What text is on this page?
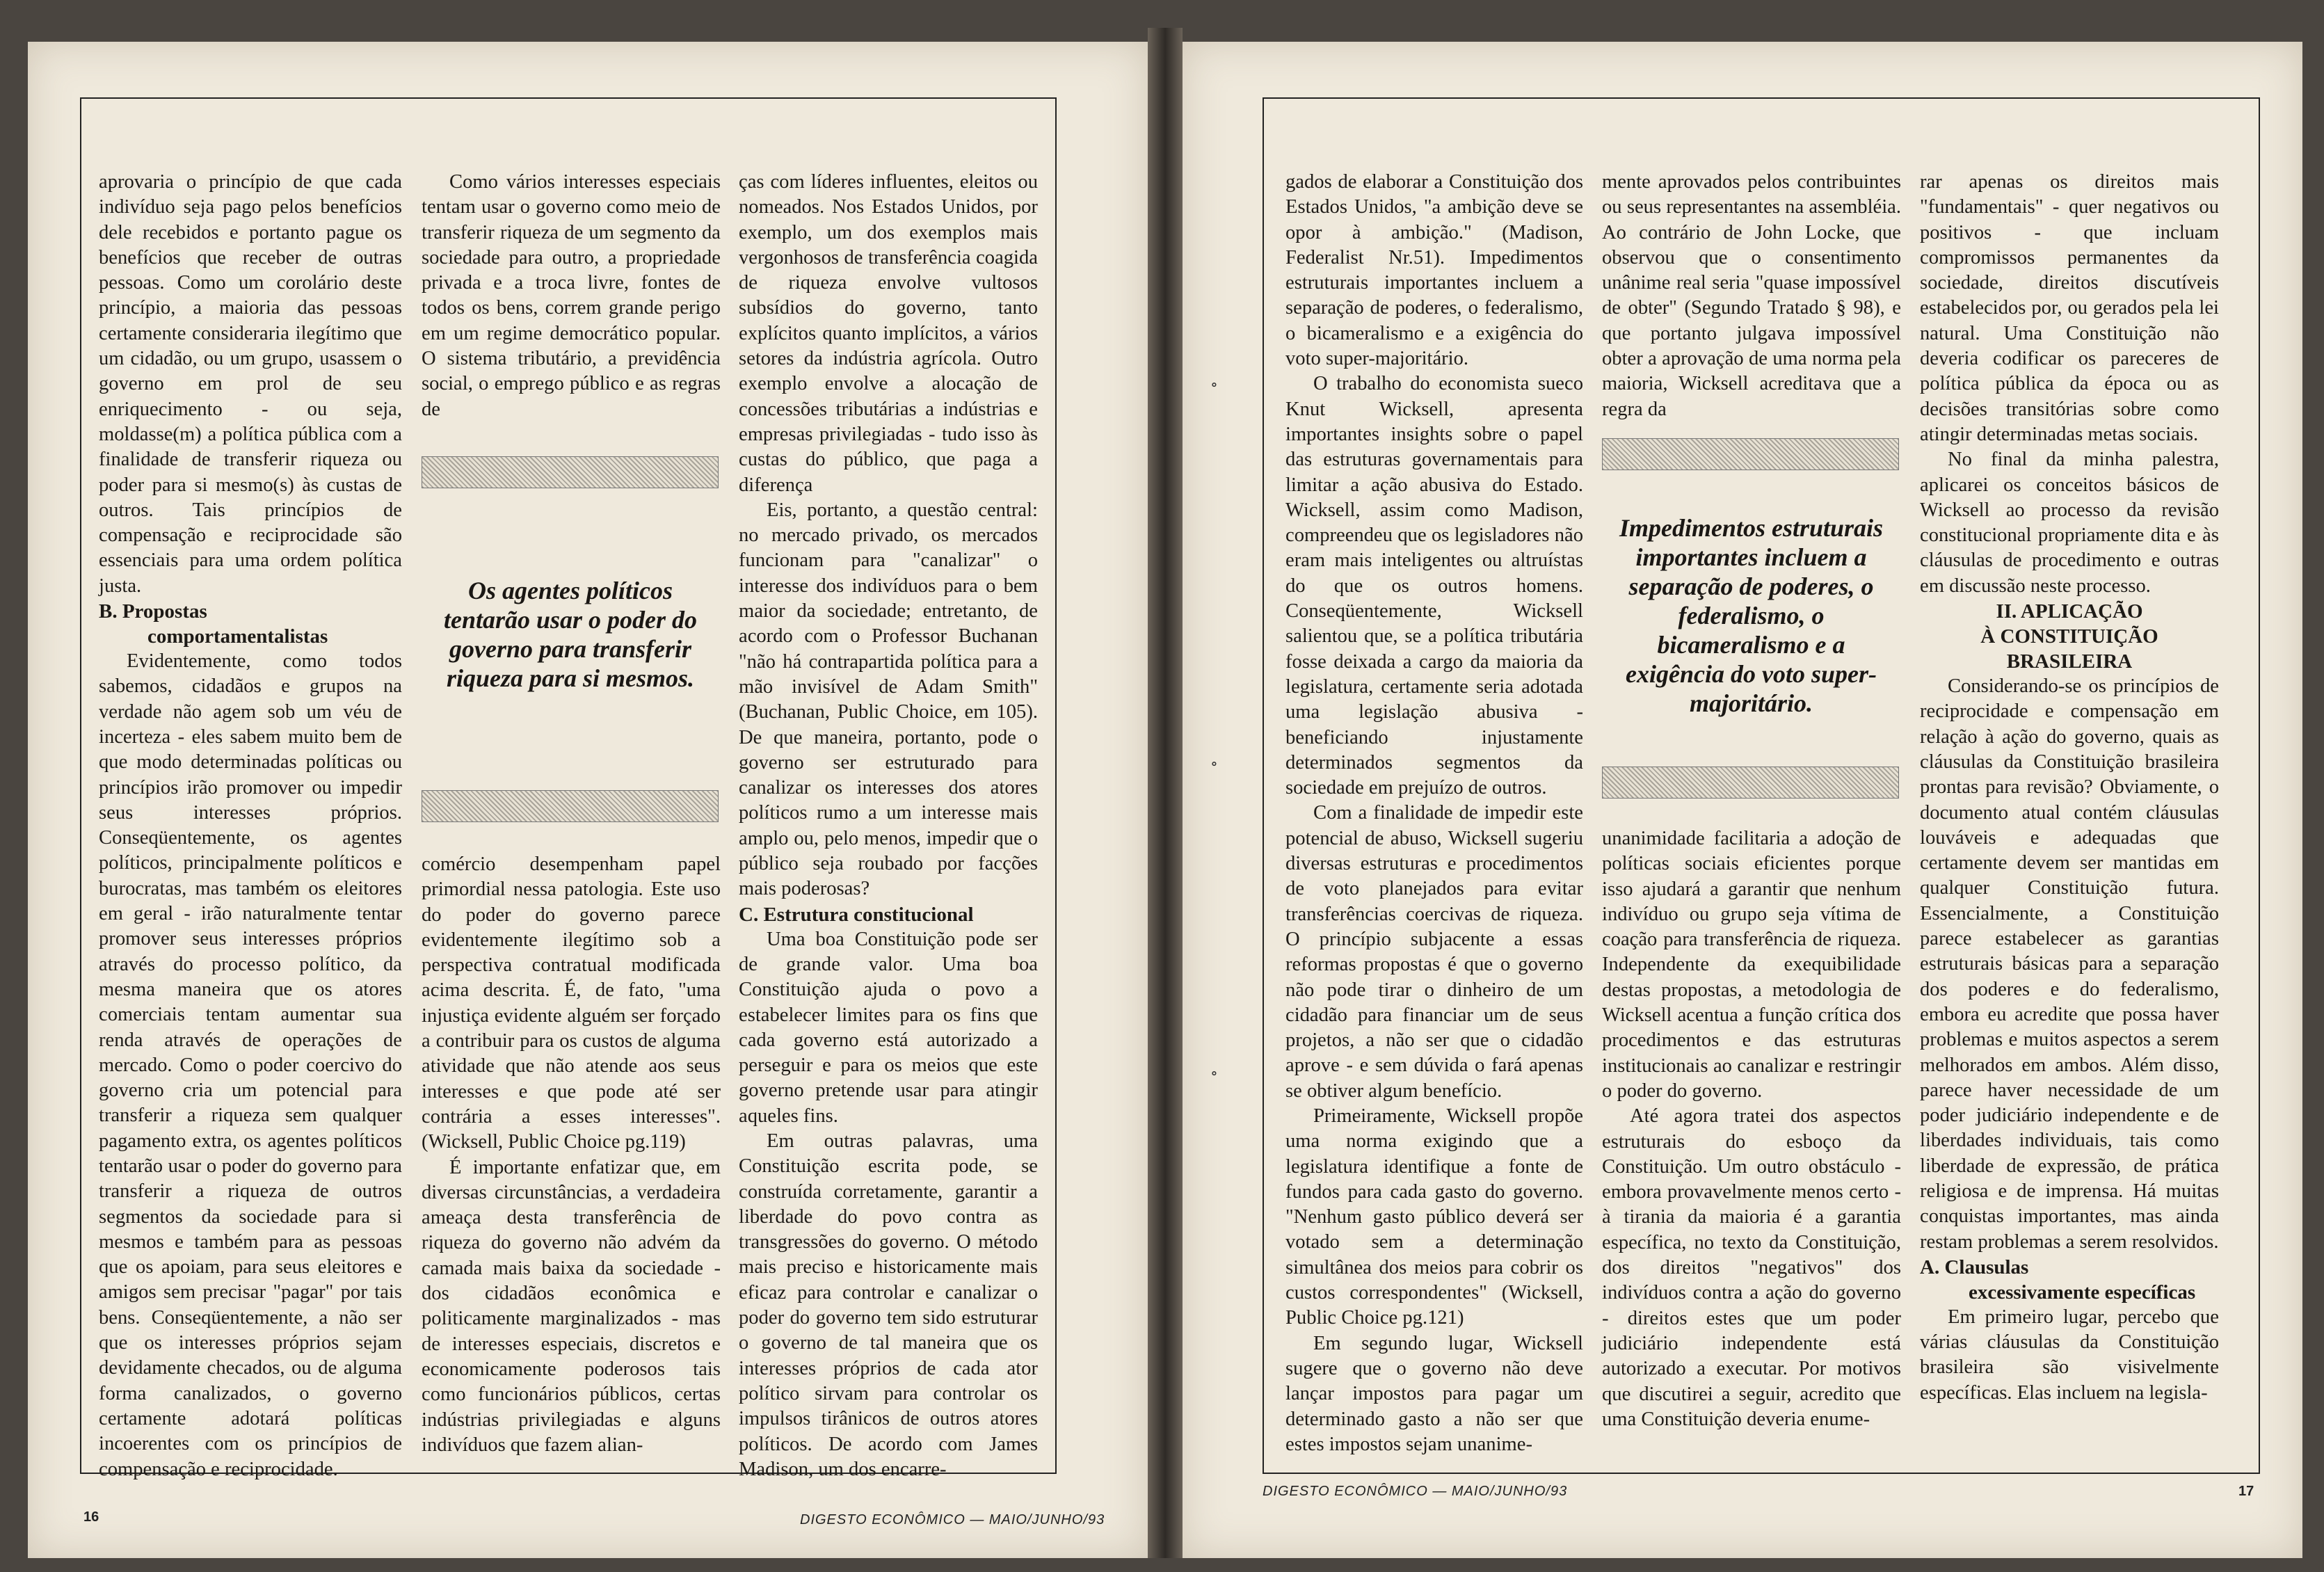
aprovaria o princípio de que cada indivíduo seja pago pelos benefícios dele recebidos e portanto pague os benefícios que receber de outras pessoas. Como um corolário deste princípio, a maioria das pessoas certamente consideraria ilegítimo que um cidadão, ou um grupo, usassem o governo em prol de seu enriquecimento - ou seja, moldasse(m) a política pública com a finalidade de transferir riqueza ou poder para si mesmo(s) às custas de outros. Tais princípios de compensação e reciprocidade são essenciais para uma ordem política justa.

B. Propostas
comportamentalistas

Evidentemente, como todos sabemos, cidadãos e grupos na verdade não agem sob um véu de incerteza - eles sabem muito bem de que modo determinadas políticas ou princípios irão promover ou impedir seus interesses próprios. Conseqüentemente, os agentes políticos, principalmente políticos e burocratas, mas também os eleitores em geral - irão naturalmente tentar promover seus interesses próprios através do processo político, da mesma maneira que os atores comerciais tentam aumentar sua renda através de operações de mercado. Como o poder coercivo do governo cria um potencial para transferir a riqueza sem qualquer pagamento extra, os agentes políticos tentarão usar o poder do governo para transferir a riqueza de outros segmentos da sociedade para si mesmos e também para as pessoas que os apoiam, para seus eleitores e amigos sem precisar "pagar" por tais bens. Conseqüentemente, a não ser que os interesses próprios sejam devidamente checados, ou de alguma forma canalizados, o governo certamente adotará políticas incoerentes com os princípios de compensação e reciprocidade.

Como vários interesses especiais tentam usar o governo como meio de transferir riqueza de um segmento da sociedade para outro, a propriedade privada e a troca livre, fontes de todos os bens, correm grande perigo em um regime democrático popular. O sistema tributário, a previdência social, o emprego público e as regras de

Os agentes políticos tentarão usar o poder do governo para transferir riqueza para si mesmos.

comércio desempenham papel primordial nessa patologia. Este uso do poder do governo parece evidentemente ilegítimo sob a perspectiva contratual modificada acima descrita. É, de fato, "uma injustiça evidente alguém ser forçado a contribuir para os custos de alguma atividade que não atende aos seus interesses e que pode até ser contrária a esses interesses". (Wicksell, Public Choice pg.119)

É importante enfatizar que, em diversas circunstâncias, a verdadeira ameaça desta transferência de riqueza do governo não advém da camada mais baixa da sociedade - dos cidadãos econômica e politicamente marginalizados - mas de interesses especiais, discretos e economicamente poderosos tais como funcionários públicos, certas indústrias privilegiadas e alguns indivíduos que fazem alian-

ças com líderes influentes, eleitos ou nomeados. Nos Estados Unidos, por exemplo, um dos exemplos mais vergonhosos de transferência coagida de riqueza envolve vultosos subsídios do governo, tanto explícitos quanto implícitos, a vários setores da indústria agrícola. Outro exemplo envolve a alocação de concessões tributárias a indústrias e empresas privilegiadas - tudo isso às custas do público, que paga a diferença

Eis, portanto, a questão central: no mercado privado, os mercados funcionam para "canalizar" o interesse dos indivíduos para o bem maior da sociedade; entretanto, de acordo com o Professor Buchanan "não há contrapartida política para a mão invisível de Adam Smith" (Buchanan, Public Choice, em 105). De que maneira, portanto, pode o governo ser estruturado para canalizar os interesses dos atores políticos rumo a um interesse mais amplo ou, pelo menos, impedir que o público seja roubado por facções mais poderosas?

C. Estrutura constitucional

Uma boa Constituição pode ser de grande valor. Uma boa Constituição ajuda o povo a estabelecer limites para os fins que cada governo está autorizado a perseguir e para os meios que este governo pretende usar para atingir aqueles fins.

Em outras palavras, uma Constituição escrita pode, se construída corretamente, garantir a liberdade do povo contra as transgressões do governo. O método mais preciso e historicamente mais eficaz para controlar e canalizar o poder do governo tem sido estruturar o governo de tal maneira que os interesses próprios de cada ator político sirvam para controlar os impulsos tirânicos de outros atores políticos. De acordo com James Madison, um dos encarre-

16	DIGESTO ECONÔMICO — MAIO/JUNHO/93
∘
∘
∘

gados de elaborar a Constituição dos Estados Unidos, "a ambição deve se opor à ambição." (Madison, Federalist Nr.51). Impedimentos estruturais importantes incluem a separação de poderes, o federalismo, o bicameralismo e a exigência do voto super-majoritário.

O trabalho do economista sueco Knut Wicksell, apresenta importantes insights sobre o papel das estruturas governamentais para limitar a ação abusiva do Estado. Wicksell, assim como Madison, compreendeu que os legisladores não eram mais inteligentes ou altruístas do que os outros homens. Conseqüentemente, Wicksell salientou que, se a política tributária fosse deixada a cargo da maioria da legislatura, certamente seria adotada uma legislação abusiva - beneficiando injustamente determinados segmentos da sociedade em prejuízo de outros.

Com a finalidade de impedir este potencial de abuso, Wicksell sugeriu diversas estruturas e procedimentos de voto planejados para evitar transferências coercivas de riqueza. O princípio subjacente a essas reformas propostas é que o governo não pode tirar o dinheiro de um cidadão para financiar um de seus projetos, a não ser que o cidadão aprove - e sem dúvida o fará apenas se obtiver algum benefício.

Primeiramente, Wicksell propõe uma norma exigindo que a legislatura identifique a fonte de fundos para cada gasto do governo. "Nenhum gasto público deverá ser votado sem a determinação simultânea dos meios para cobrir os custos correspondentes" (Wicksell, Public Choice pg.121)

Em segundo lugar, Wicksell sugere que o governo não deve lançar impostos para pagar um determinado gasto a não ser que estes impostos sejam unanime-

mente aprovados pelos contribuintes ou seus representantes na assembléia. Ao contrário de John Locke, que observou que o consentimento unânime real seria "quase impossível de obter" (Segundo Tratado § 98), e que portanto julgava impossível obter a aprovação de uma norma pela maioria, Wicksell acreditava que a regra da

Impedimentos estruturais importantes incluem a separação de poderes, o federalismo, o bicameralismo e a exigência do voto super-majoritário.

unanimidade facilitaria a adoção de políticas sociais eficientes porque isso ajudará a garantir que nenhum indivíduo ou grupo seja vítima de coação para transferência de riqueza. Independente da exequibilidade destas propostas, a metodologia de Wicksell acentua a função crítica dos procedimentos e das estruturas institucionais ao canalizar e restringir o poder do governo.

Até agora tratei dos aspectos estruturais do esboço da Constituição. Um outro obstáculo - embora provavelmente menos certo - à tirania da maioria é a garantia específica, no texto da Constituição, dos direitos "negativos" dos indivíduos contra a ação do governo - direitos estes que um poder judiciário independente está autorizado a executar. Por motivos que discutirei a seguir, acredito que uma Constituição deveria enume-

rar apenas os direitos mais "fundamentais" - quer negativos ou positivos - que incluam compromissos permanentes da sociedade, direitos discutíveis estabelecidos por, ou gerados pela lei natural. Uma Constituição não deveria codificar os pareceres de política pública da época ou as decisões transitórias sobre como atingir determinadas metas sociais.

No final da minha palestra, aplicarei os conceitos básicos de Wicksell ao processo da revisão constitucional propriamente dita e às cláusulas de procedimento e outras em discussão neste processo.

II. APLICAÇÃO
À CONSTITUIÇÃO
BRASILEIRA

Considerando-se os princípios de reciprocidade e compensação em relação à ação do governo, quais as cláusulas da Constituição brasileira prontas para revisão? Obviamente, o documento atual contém cláusulas louváveis e adequadas que certamente devem ser mantidas em qualquer Constituição futura. Essencialmente, a Constituição parece estabelecer as garantias estruturais básicas para a separação dos poderes e do federalismo, embora eu acredite que possa haver problemas e muitos aspectos a serem melhorados em ambos. Além disso, parece haver necessidade de um poder judiciário independente e de liberdades individuais, tais como liberdade de expressão, de prática religiosa e de imprensa. Há muitas conquistas importantes, mas ainda restam problemas a serem resolvidos.

A. Clausulas
excessivamente específicas

Em primeiro lugar, percebo que várias cláusulas da Constituição brasileira são visivelmente específicas. Elas incluem na legisla-

DIGESTO ECONÔMICO — MAIO/JUNHO/93	17
